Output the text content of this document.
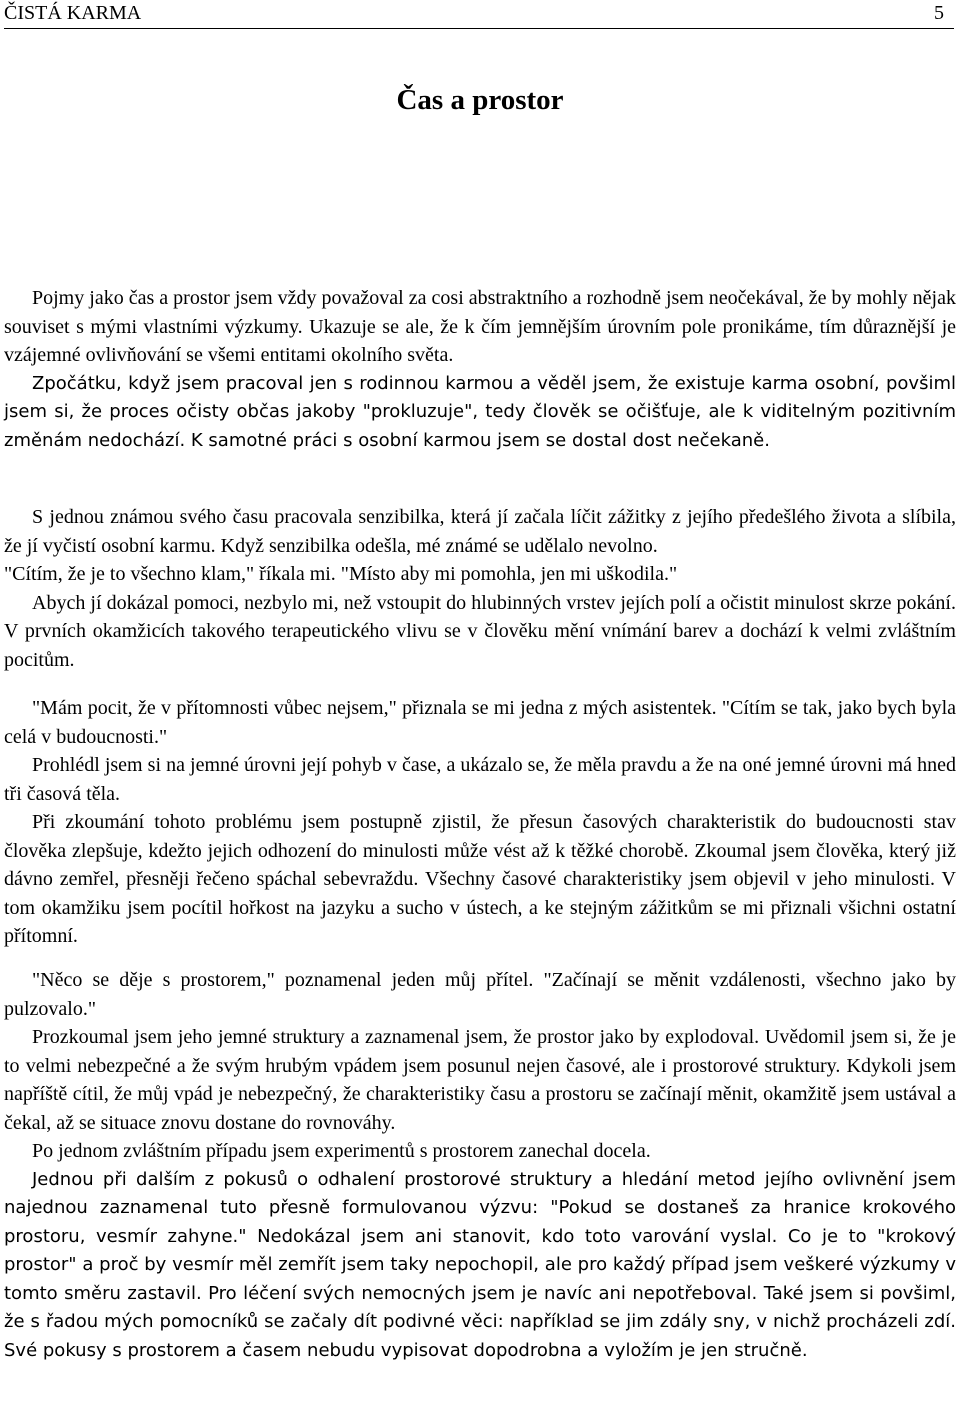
ČISTÁ KARMA	5
Čas a prostor

Pojmy jako čas a prostor jsem vždy považoval za cosi abstraktního a rozhodně jsem neočekával, že by mohly nějak souviset s mými vlastními výzkumy. Ukazuje se ale, že k čím jemnějším úrovním pole pronikáme, tím důraznější je vzájemné ovlivňování se všemi entitami okolního světa.

Zpočátku, když jsem pracoval jen s rodinnou karmou a věděl jsem, že existuje karma osobní, povšiml jsem si, že proces očisty občas jakoby "prokluzuje", tedy člověk se očišťuje, ale k viditelným pozitivním změnám nedochází. K samotné práci s osobní karmou jsem se dostal dost nečekaně.

S jednou známou svého času pracovala senzibilka, která jí začala líčit zážitky z jejího předešlého života a slíbila, že jí vyčistí osobní karmu. Když senzibilka odešla, mé známé se udělalo nevolno.

"Cítím, že je to všechno klam," říkala mi. "Místo aby mi pomohla, jen mi uškodila."

Abych jí dokázal pomoci, nezbylo mi, než vstoupit do hlubinných vrstev jejích polí a očistit minulost skrze pokání. V prvních okamžicích takového terapeutického vlivu se v člověku mění vnímání barev a dochází k velmi zvláštním pocitům.

"Mám pocit, že v přítomnosti vůbec nejsem," přiznala se mi jedna z mých asistentek. "Cítím se tak, jako bych byla celá v budoucnosti."

Prohlédl jsem si na jemné úrovni její pohyb v čase, a ukázalo se, že měla pravdu a že na oné jemné úrovni má hned tři časová těla.

Při zkoumání tohoto problému jsem postupně zjistil, že přesun časových charakteristik do budoucnosti stav člověka zlepšuje, kdežto jejich odhození do minulosti může vést až k těžké chorobě. Zkoumal jsem člověka, který již dávno zemřel, přesněji řečeno spáchal sebevraždu. Všechny časové charakteristiky jsem objevil v jeho minulosti. V tom okamžiku jsem pocítil hořkost na jazyku a sucho v ústech, a ke stejným zážitkům se mi přiznali všichni ostatní přítomní.

"Něco se děje s prostorem," poznamenal jeden můj přítel. "Začínají se měnit vzdálenosti, všechno jako by pulzovalo."

Prozkoumal jsem jeho jemné struktury a zaznamenal jsem, že prostor jako by explodoval. Uvědomil jsem si, že je to velmi nebezpečné a že svým hrubým vpádem jsem posunul nejen časové, ale i prostorové struktury. Kdykoli jsem napříště cítil, že můj vpád je nebezpečný, že charakteristiky času a prostoru se začínají měnit, okamžitě jsem ustával a čekal, až se situace znovu dostane do rovnováhy.

Po jednom zvláštním případu jsem experimentů s prostorem zanechal docela.

Jednou při dalším z pokusů o odhalení prostorové struktury a hledání metod jejího ovlivnění jsem najednou zaznamenal tuto přesně formulovanou výzvu: "Pokud se dostaneš za hranice krokového prostoru, vesmír zahyne." Nedokázal jsem ani stanovit, kdo toto varování vyslal. Co je to "krokový prostor" a proč by vesmír měl zemřít jsem taky nepochopil, ale pro každý případ jsem veškeré výzkumy v tomto směru zastavil. Pro léčení svých nemocných jsem je navíc ani nepotřeboval. Také jsem si povšiml, že s řadou mých pomocníků se začaly dít podivné věci: například se jim zdály sny, v nichž procházeli zdí. Své pokusy s prostorem a časem nebudu vypisovat dopodrobna a vyložím je jen stručně.
